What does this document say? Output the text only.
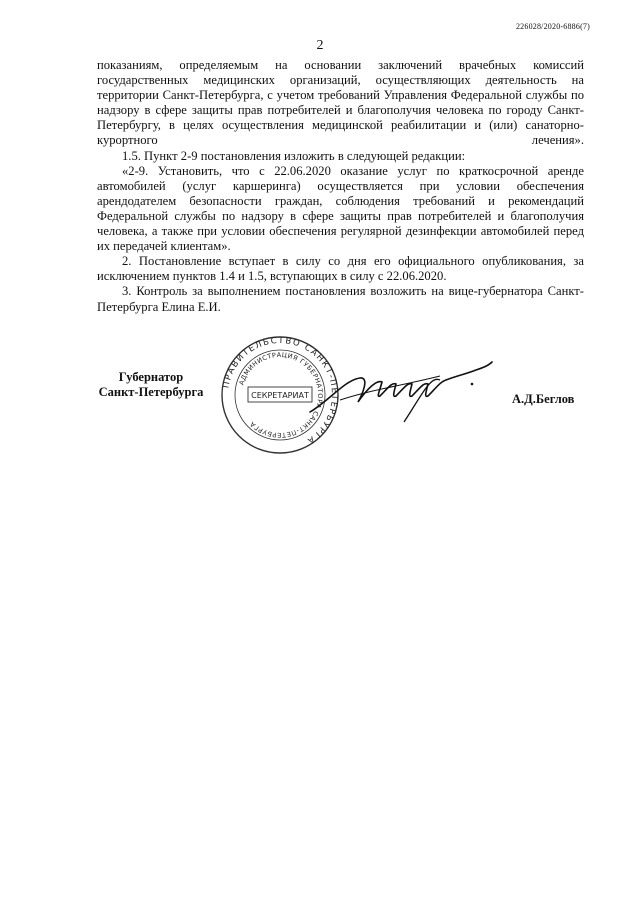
226028/2020-6886(7)
2

показаниям, определяемым на основании заключений врачебных комиссий государственных медицинских организаций, осуществляющих деятельность на территории Санкт-Петербурга, с учетом требований Управления Федеральной службы по надзору в сфере защиты прав потребителей и благополучия человека по городу Санкт-Петербургу, в целях осуществления медицинской реабилитации и (или) санаторно-курортного лечения».

1.5. Пункт 2-9 постановления изложить в следующей редакции:

«2-9. Установить, что с 22.06.2020 оказание услуг по краткосрочной аренде автомобилей (услуг каршеринга) осуществляется при условии обеспечения арендодателем безопасности граждан, соблюдения требований и рекомендаций Федеральной службы по надзору в сфере защиты прав потребителей и благополучия человека, а также при условии обеспечения регулярной дезинфекции автомобилей перед их передачей клиентам».

2. Постановление вступает в силу со дня его официального опубликования, за исключением пунктов 1.4 и 1.5, вступающих в силу с 22.06.2020.

3. Контроль за выполнением постановления возложить на вице-губернатора Санкт-Петербурга Елина Е.И.

Губернатор
Санкт-Петербурга
ПРАВИТЕЛЬСТВО САНКТ-ПЕТЕРБУРГА
АДМИНИСТРАЦИЯ ГУБЕРНАТОРА САНКТ-ПЕТЕРБУРГА
СЕКРЕТАРИАТ	А.Д.Беглов
